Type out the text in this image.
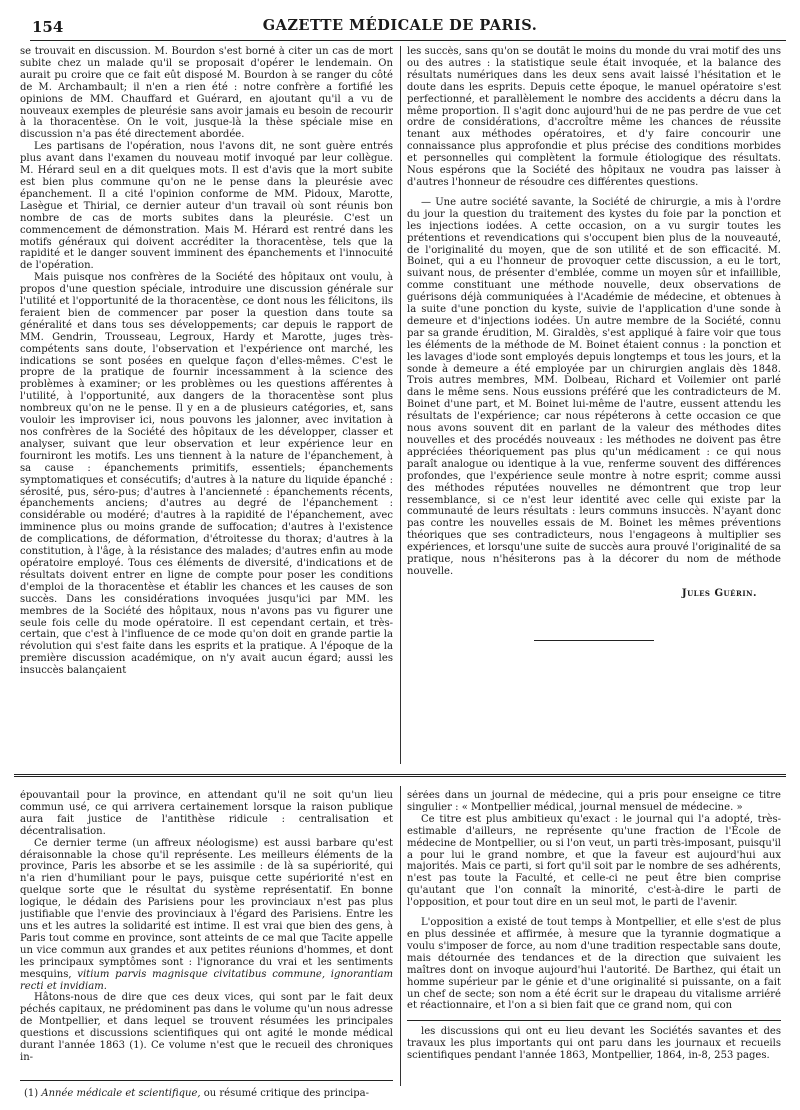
154	GAZETTE MÉDICALE DE PARIS.

se trouvait en discussion. M. Bourdon s'est borné à citer un cas de mort subite chez un malade qu'il se proposait d'opérer le lendemain. On aurait pu croire que ce fait eût disposé M. Bourdon à se ranger du côté de M. Archambault; il n'en a rien été : notre confrère a fortifié les opinions de MM. Chauffard et Guérard, en ajoutant qu'il a vu de nouveaux exemples de pleurésie sans avoir jamais eu besoin de recourir à la thoracentèse. On le voit, jusque-là la thèse spéciale mise en discussion n'a pas été directement abordée.

Les partisans de l'opération, nous l'avons dit, ne sont guère entrés plus avant dans l'examen du nouveau motif invoqué par leur collègue. M. Hérard seul en a dit quelques mots. Il est d'avis que la mort subite est bien plus commune qu'on ne le pense dans la pleurésie avec épanchement. Il a cité l'opinion conforme de MM. Pidoux, Marotte, Lasègue et Thirial, ce dernier auteur d'un travail où sont réunis bon nombre de cas de morts subites dans la pleurésie. C'est un commencement de démonstration. Mais M. Hérard est rentré dans les motifs généraux qui doivent accréditer la thoracentèse, tels que la rapidité et le danger souvent imminent des épanchements et l'innocuité de l'opération.

Mais puisque nos confrères de la Société des hôpitaux ont voulu, à propos d'une question spéciale, introduire une discussion générale sur l'utilité et l'opportunité de la thoracentèse, ce dont nous les félicitons, ils feraient bien de commencer par poser la question dans toute sa généralité et dans tous ses développements; car depuis le rapport de MM. Gendrin, Trousseau, Legroux, Hardy et Marotte, juges très-compétents sans doute, l'observation et l'expérience ont marché, les indications se sont posées en quelque façon d'elles-mêmes. C'est le propre de la pratique de fournir incessamment à la science des problèmes à examiner; or les problèmes ou les questions afférentes à l'utilité, à l'opportunité, aux dangers de la thoracentèse sont plus nombreux qu'on ne le pense. Il y en a de plusieurs catégories, et, sans vouloir les improviser ici, nous pouvons les jalonner, avec invitation à nos confrères de la Société des hôpitaux de les développer, classer et analyser, suivant que leur observation et leur expérience leur en fourniront les motifs. Les uns tiennent à la nature de l'épanchement, à sa cause : épanchements primitifs, essentiels; épanchements symptomatiques et consécutifs; d'autres à la nature du liquide épanché : sérosité, pus, séro-pus; d'autres à l'ancienneté : épanchements récents, épanchements anciens; d'autres au degré de l'épanchement : considérable ou modéré; d'autres à la rapidité de l'épanchement, avec imminence plus ou moins grande de suffocation; d'autres à l'existence de complications, de déformation, d'étroitesse du thorax; d'autres à la constitution, à l'âge, à la résistance des malades; d'autres enfin au mode opératoire employé. Tous ces éléments de diversité, d'indications et de résultats doivent entrer en ligne de compte pour poser les conditions d'emploi de la thoracentèse et établir les chances et les causes de son succès. Dans les considérations invoquées jusqu'ici par MM. les membres de la Société des hôpitaux, nous n'avons pas vu figurer une seule fois celle du mode opératoire. Il est cependant certain, et très-certain, que c'est à l'influence de ce mode qu'on doit en grande partie la révolution qui s'est faite dans les esprits et la pratique. A l'époque de la première discussion académique, on n'y avait aucun égard; aussi les insuccès balançaient

les succès, sans qu'on se doutât le moins du monde du vrai motif des uns ou des autres : la statistique seule était invoquée, et la balance des résultats numériques dans les deux sens avait laissé l'hésitation et le doute dans les esprits. Depuis cette époque, le manuel opératoire s'est perfectionné, et parallèlement le nombre des accidents a décru dans la même proportion. Il s'agit donc aujourd'hui de ne pas perdre de vue cet ordre de considérations, d'accroître même les chances de réussite tenant aux méthodes opératoires, et d'y faire concourir une connaissance plus approfondie et plus précise des conditions morbides et personnelles qui complètent la formule étiologique des résultats. Nous espérons que la Société des hôpitaux ne voudra pas laisser à d'autres l'honneur de résoudre ces différentes questions.

— Une autre société savante, la Société de chirurgie, a mis à l'ordre du jour la question du traitement des kystes du foie par la ponction et les injections iodées. A cette occasion, on a vu surgir toutes les prétentions et revendications qui s'occupent bien plus de la nouveauté, de l'originalité du moyen, que de son utilité et de son efficacité. M. Boinet, qui a eu l'honneur de provoquer cette discussion, a eu le tort, suivant nous, de présenter d'emblée, comme un moyen sûr et infaillible, comme constituant une méthode nouvelle, deux observations de guérisons déjà communiquées à l'Académie de médecine, et obtenues à la suite d'une ponction du kyste, suivie de l'application d'une sonde à demeure et d'injections iodées. Un autre membre de la Société, connu par sa grande érudition, M. Giraldès, s'est appliqué à faire voir que tous les éléments de la méthode de M. Boinet étaient connus : la ponction et les lavages d'iode sont employés depuis longtemps et tous les jours, et la sonde à demeure a été employée par un chirurgien anglais dès 1848. Trois autres membres, MM. Dolbeau, Richard et Voilemier ont parlé dans le même sens. Nous eussions préféré que les contradicteurs de M. Boinet d'une part, et M. Boinet lui-même de l'autre, eussent attendu les résultats de l'expérience; car nous répéterons à cette occasion ce que nous avons souvent dit en parlant de la valeur des méthodes dites nouvelles et des procédés nouveaux : les méthodes ne doivent pas être appréciées théoriquement pas plus qu'un médicament : ce qui nous paraît analogue ou identique à la vue, renferme souvent des différences profondes, que l'expérience seule montre à notre esprit; comme aussi des méthodes réputées nouvelles ne démontrent que trop leur ressemblance, si ce n'est leur identité avec celle qui existe par la communauté de leurs résultats : leurs communs insuccès. N'ayant donc pas contre les nouvelles essais de M. Boinet les mêmes préventions théoriques que ses contradicteurs, nous l'engageons à multiplier ses expériences, et lorsqu'une suite de succès aura prouvé l'originalité de sa pratique, nous n'hésiterons pas à la décorer du nom de méthode nouvelle.

Jules Guérin.

épouvantail pour la province, en attendant qu'il ne soit qu'un lieu commun usé, ce qui arrivera certainement lorsque la raison publique aura fait justice de l'antithèse ridicule : centralisation et décentralisation.

Ce dernier terme (un affreux néologisme) est aussi barbare qu'est déraisonnable la chose qu'il représente. Les meilleurs éléments de la province, Paris les absorbe et se les assimile : de là sa supériorité, qui n'a rien d'humiliant pour le pays, puisque cette supériorité n'est en quelque sorte que le résultat du système représentatif. En bonne logique, le dédain des Parisiens pour les provinciaux n'est pas plus justifiable que l'envie des provinciaux à l'égard des Parisiens. Entre les uns et les autres la solidarité est intime. Il est vrai que bien des gens, à Paris tout comme en province, sont atteints de ce mal que Tacite appelle un vice commun aux grandes et aux petites réunions d'hommes, et dont les principaux symptômes sont : l'ignorance du vrai et les sentiments mesquins, vitium parvis magnisque civitatibus commune, ignorantiam recti et invidiam.

Hâtons-nous de dire que ces deux vices, qui sont par le fait deux péchés capitaux, ne prédominent pas dans le volume qu'un nous adresse de Montpellier, et dans lequel se trouvent résumées les principales questions et discussions scientifiques qui ont agité le monde médical durant l'année 1863 (1). Ce volume n'est que le recueil des chroniques in-

sérées dans un journal de médecine, qui a pris pour enseigne ce titre singulier : « Montpellier médical, journal mensuel de médecine. »

Ce titre est plus ambitieux qu'exact : le journal qui l'a adopté, très-estimable d'ailleurs, ne représente qu'une fraction de l'École de médecine de Montpellier, ou si l'on veut, un parti très-imposant, puisqu'il a pour lui le grand nombre, et que la faveur est aujourd'hui aux majorités. Mais ce parti, si fort qu'il soit par le nombre de ses adhérents, n'est pas toute la Faculté, et celle-ci ne peut être bien comprise qu'autant que l'on connaît la minorité, c'est-à-dire le parti de l'opposition, et pour tout dire en un seul mot, le parti de l'avenir.

L'opposition a existé de tout temps à Montpellier, et elle s'est de plus en plus dessinée et affirmée, à mesure que la tyrannie dogmatique a voulu s'imposer de force, au nom d'une tradition respectable sans doute, mais détournée des tendances et de la direction que suivaient les maîtres dont on invoque aujourd'hui l'autorité. De Barthez, qui était un homme supérieur par le génie et d'une originalité si puissante, on a fait un chef de secte; son nom a été écrit sur le drapeau du vitalisme arriéré et réactionnaire, et l'on a si bien fait que ce grand nom, qui con

les discussions qui ont eu lieu devant les Sociétés savantes et des travaux les plus importants qui ont paru dans les journaux et recueils scientifiques pendant l'année 1863, Montpellier, 1864, in-8, 253 pages.

(1) Année médicale et scientifique, ou résumé critique des principa-
